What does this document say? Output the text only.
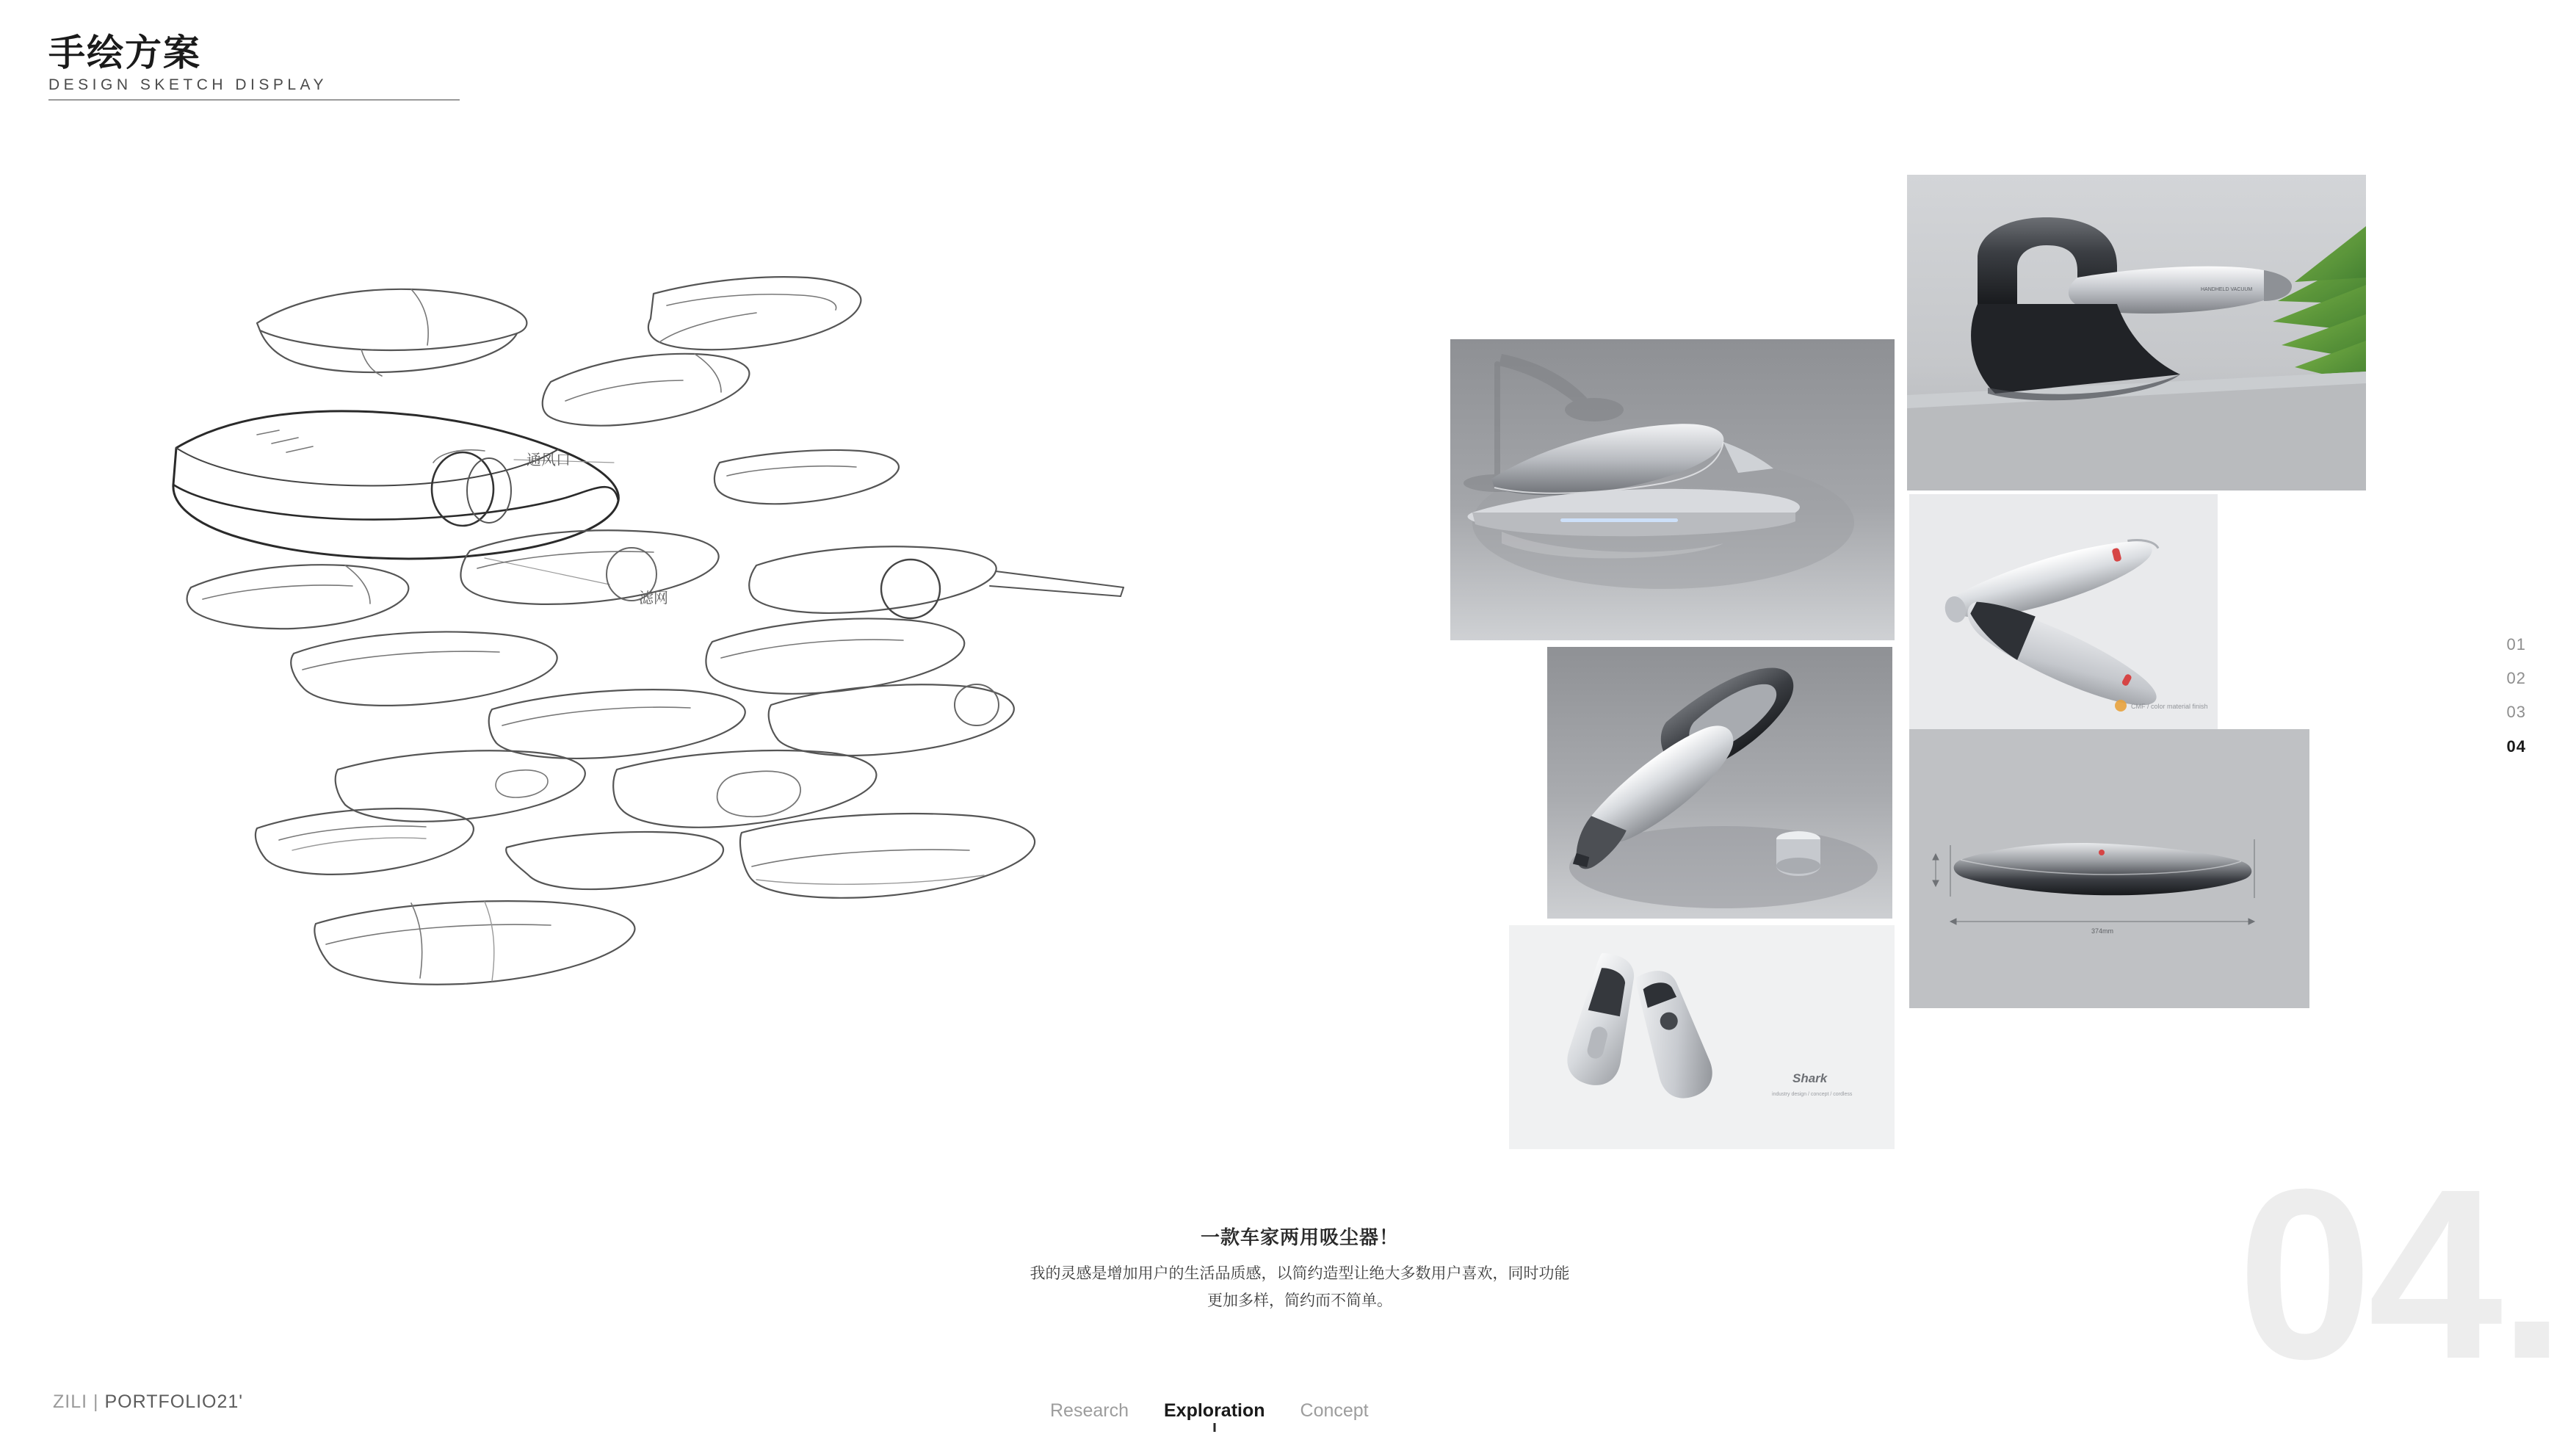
手绘方案
DESIGN SKETCH DISPLAY
通风口
滤网
HANDHELD VACUUM
CMF / color material finish
Shark
industry design / concept / cordless
374mm
01
02
03
04
04.
一款车家两用吸尘器！
我的灵感是增加用户的生活品质感，以简约造型让绝大多数用户喜欢，同时功能
更加多样，简约而不简单。
ZILI | PORTFOLIO21'	Research Exploration Concept
